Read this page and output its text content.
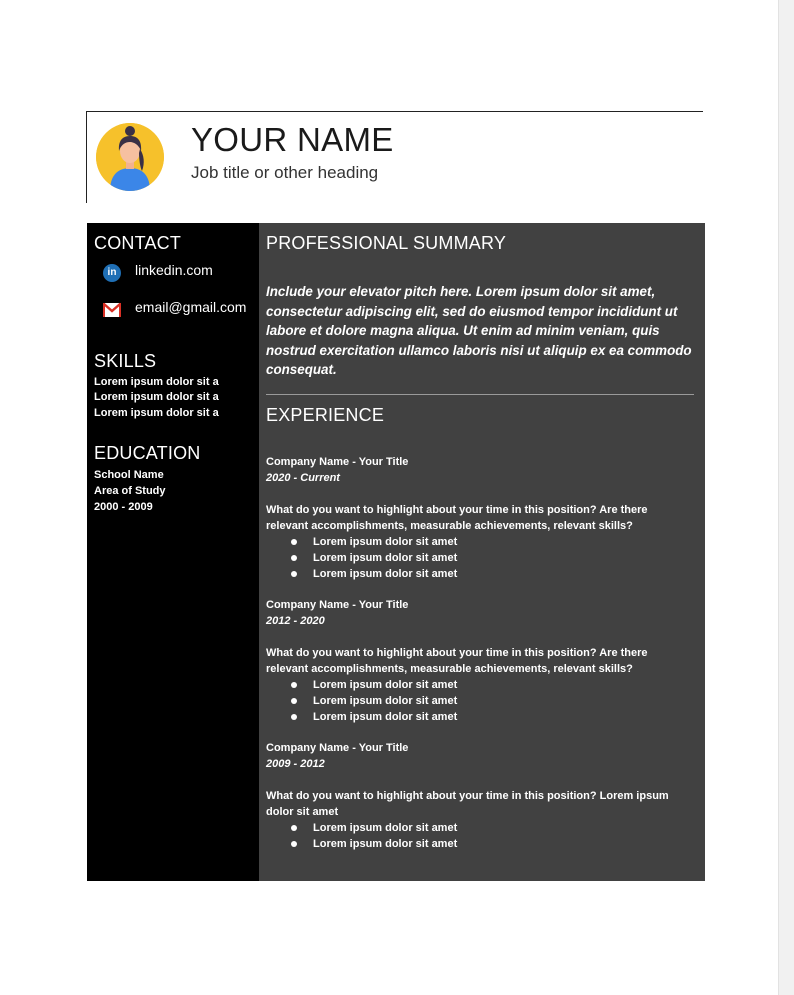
YOUR NAME
Job title or other heading
CONTACT
in	linkedin.com
email@gmail.com
SKILLS
Lorem ipsum dolor sit a
Lorem ipsum dolor sit a
Lorem ipsum dolor sit a
EDUCATION
School Name
Area of Study
2000 - 2009
PROFESSIONAL SUMMARY
Include your elevator pitch here. Lorem ipsum dolor sit amet, consectetur adipiscing elit, sed do eiusmod tempor incididunt ut labore et dolore magna aliqua. Ut enim ad minim veniam, quis nostrud exercitation ullamco laboris nisi ut aliquip ex ea commodo consequat.
EXPERIENCE
Company Name - Your Title
2020 - Current
What do you want to highlight about your time in this position? Are there relevant accomplishments, measurable achievements, relevant skills?
Lorem ipsum dolor sit amet
Lorem ipsum dolor sit amet
Lorem ipsum dolor sit amet
Company Name - Your Title
2012 - 2020
What do you want to highlight about your time in this position? Are there relevant accomplishments, measurable achievements, relevant skills?
Lorem ipsum dolor sit amet
Lorem ipsum dolor sit amet
Lorem ipsum dolor sit amet
Company Name - Your Title
2009 - 2012
What do you want to highlight about your time in this position? Lorem ipsum dolor sit amet
Lorem ipsum dolor sit amet
Lorem ipsum dolor sit amet
